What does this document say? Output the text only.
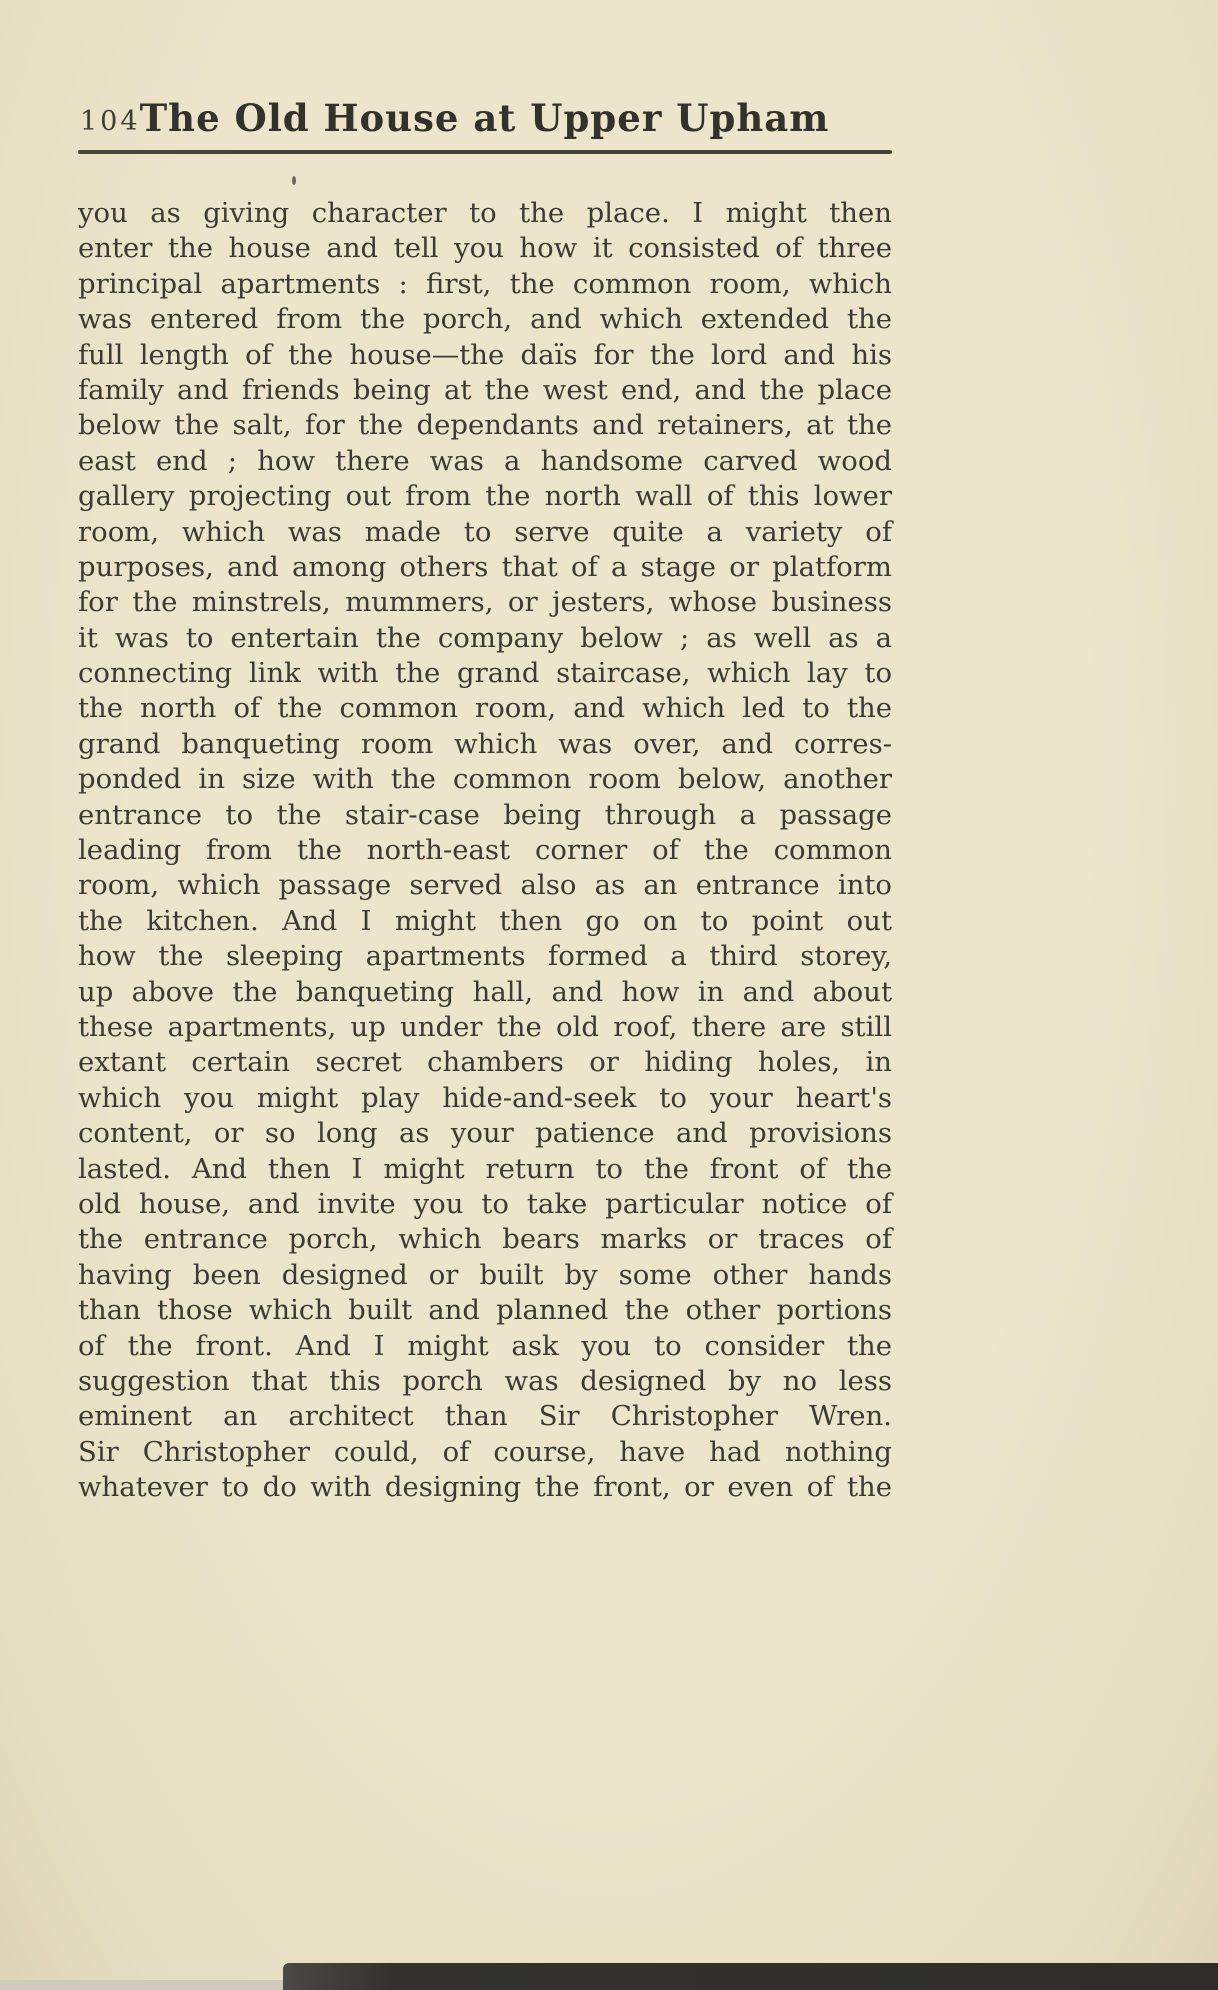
104 The Old House at Upper Upham
you as giving character to the place. I might then
enter the house and tell you how it consisted of three
principal apartments : first, the common room, which
was entered from the porch, and which extended the
full length of the house—the daïs for the lord and his
family and friends being at the west end, and the place
below the salt, for the dependants and retainers, at the
east end ; how there was a handsome carved wood
gallery projecting out from the north wall of this lower
room, which was made to serve quite a variety of
purposes, and among others that of a stage or platform
for the minstrels, mummers, or jesters, whose business
it was to entertain the company below ; as well as a
connecting link with the grand staircase, which lay to
the north of the common room, and which led to the
grand banqueting room which was over, and corres-
ponded in size with the common room below, another
entrance to the stair-case being through a passage
leading from the north-east corner of the common
room, which passage served also as an entrance into
the kitchen. And I might then go on to point out
how the sleeping apartments formed a third storey,
up above the banqueting hall, and how in and about
these apartments, up under the old roof, there are still
extant certain secret chambers or hiding holes, in
which you might play hide-and-seek to your heart's
content, or so long as your patience and provisions
lasted. And then I might return to the front of the
old house, and invite you to take particular notice of
the entrance porch, which bears marks or traces of
having been designed or built by some other hands
than those which built and planned the other portions
of the front. And I might ask you to consider the
suggestion that this porch was designed by no less
eminent an architect than Sir Christopher Wren.
Sir Christopher could, of course, have had nothing
whatever to do with designing the front, or even of the
